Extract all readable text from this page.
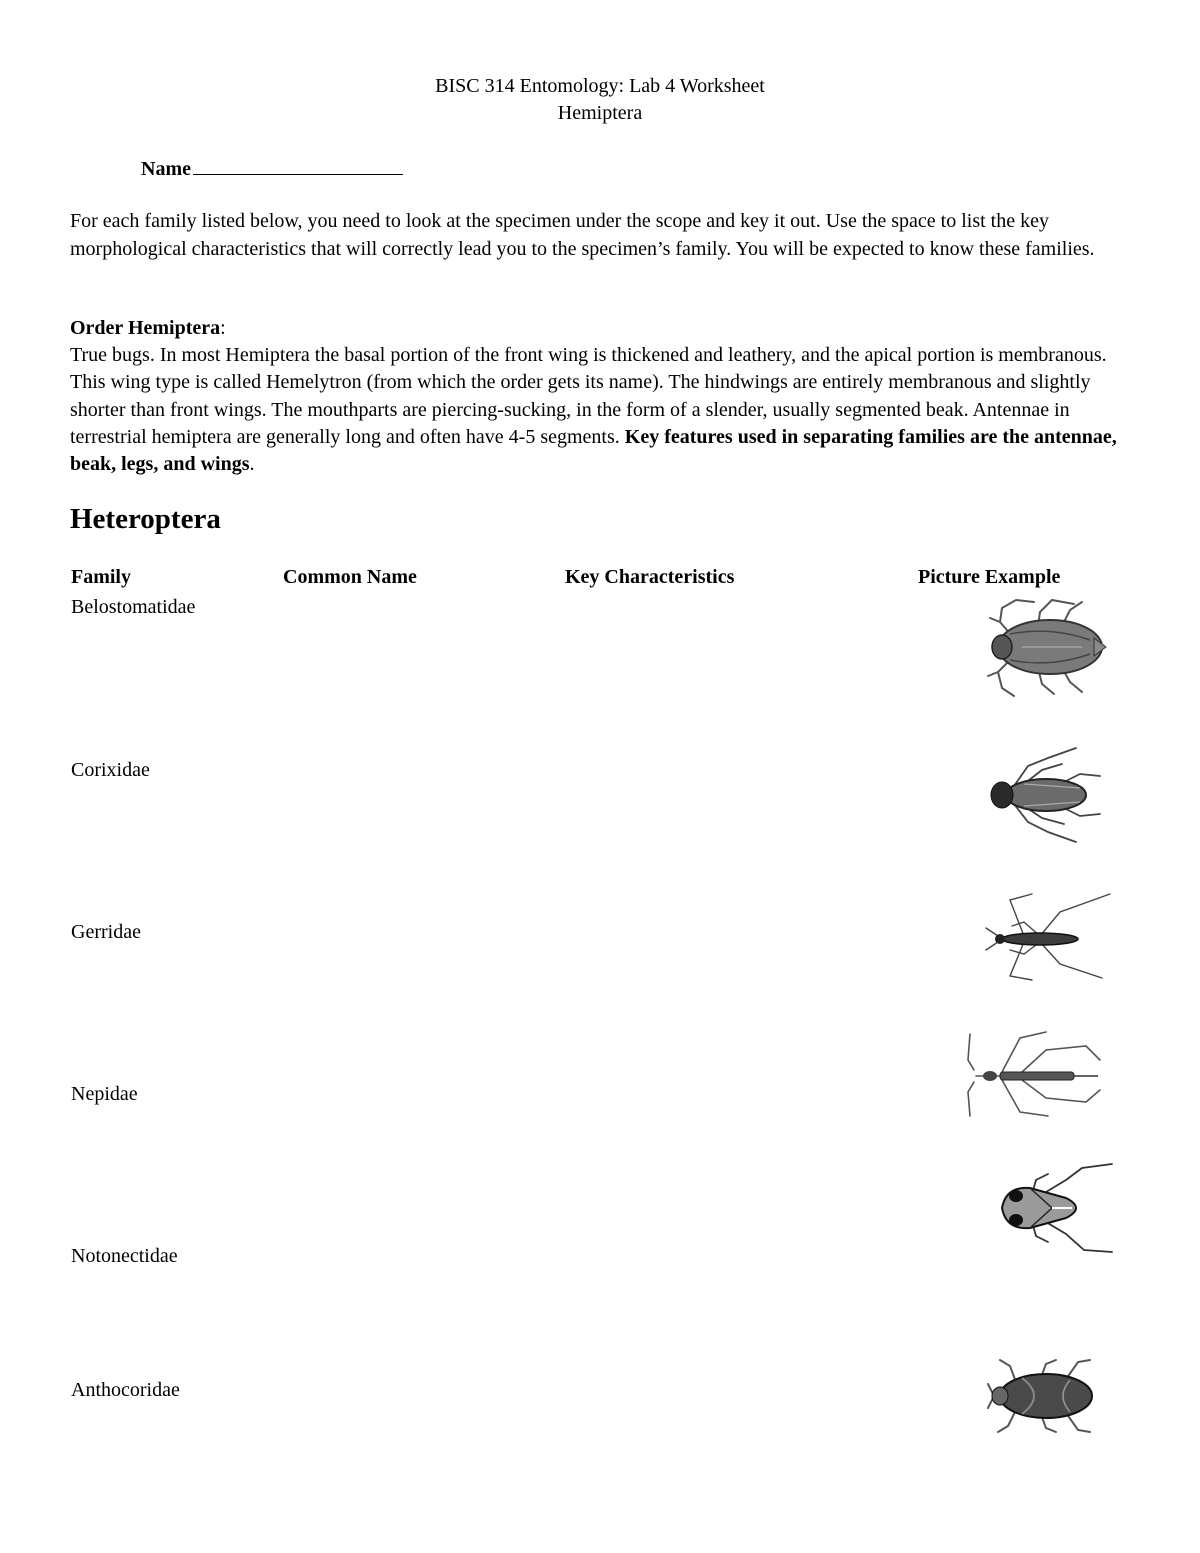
BISC 314 Entomology: Lab 4 Worksheet
Hemiptera
Name
For each family listed below, you need to look at the specimen under the scope and key it out. Use the space to list the key morphological characteristics that will correctly lead you to the specimen’s family. You will be expected to know these families.
Order Hemiptera:
True bugs. In most Hemiptera the basal portion of the front wing is thickened and leathery, and the apical portion is membranous. This wing type is called Hemelytron (from which the order gets its name). The hindwings are entirely membranous and slightly shorter than front wings. The mouthparts are piercing-sucking, in the form of a slender, usually segmented beak. Antennae in terrestrial hemiptera are generally long and often have 4-5 segments. Key features used in separating families are the antennae, beak, legs, and wings.
Heteroptera
Family	Common Name	Key Characteristics	Picture Example
Belostomatidae
Corixidae
Gerridae
Nepidae
Notonectidae
Anthocoridae
